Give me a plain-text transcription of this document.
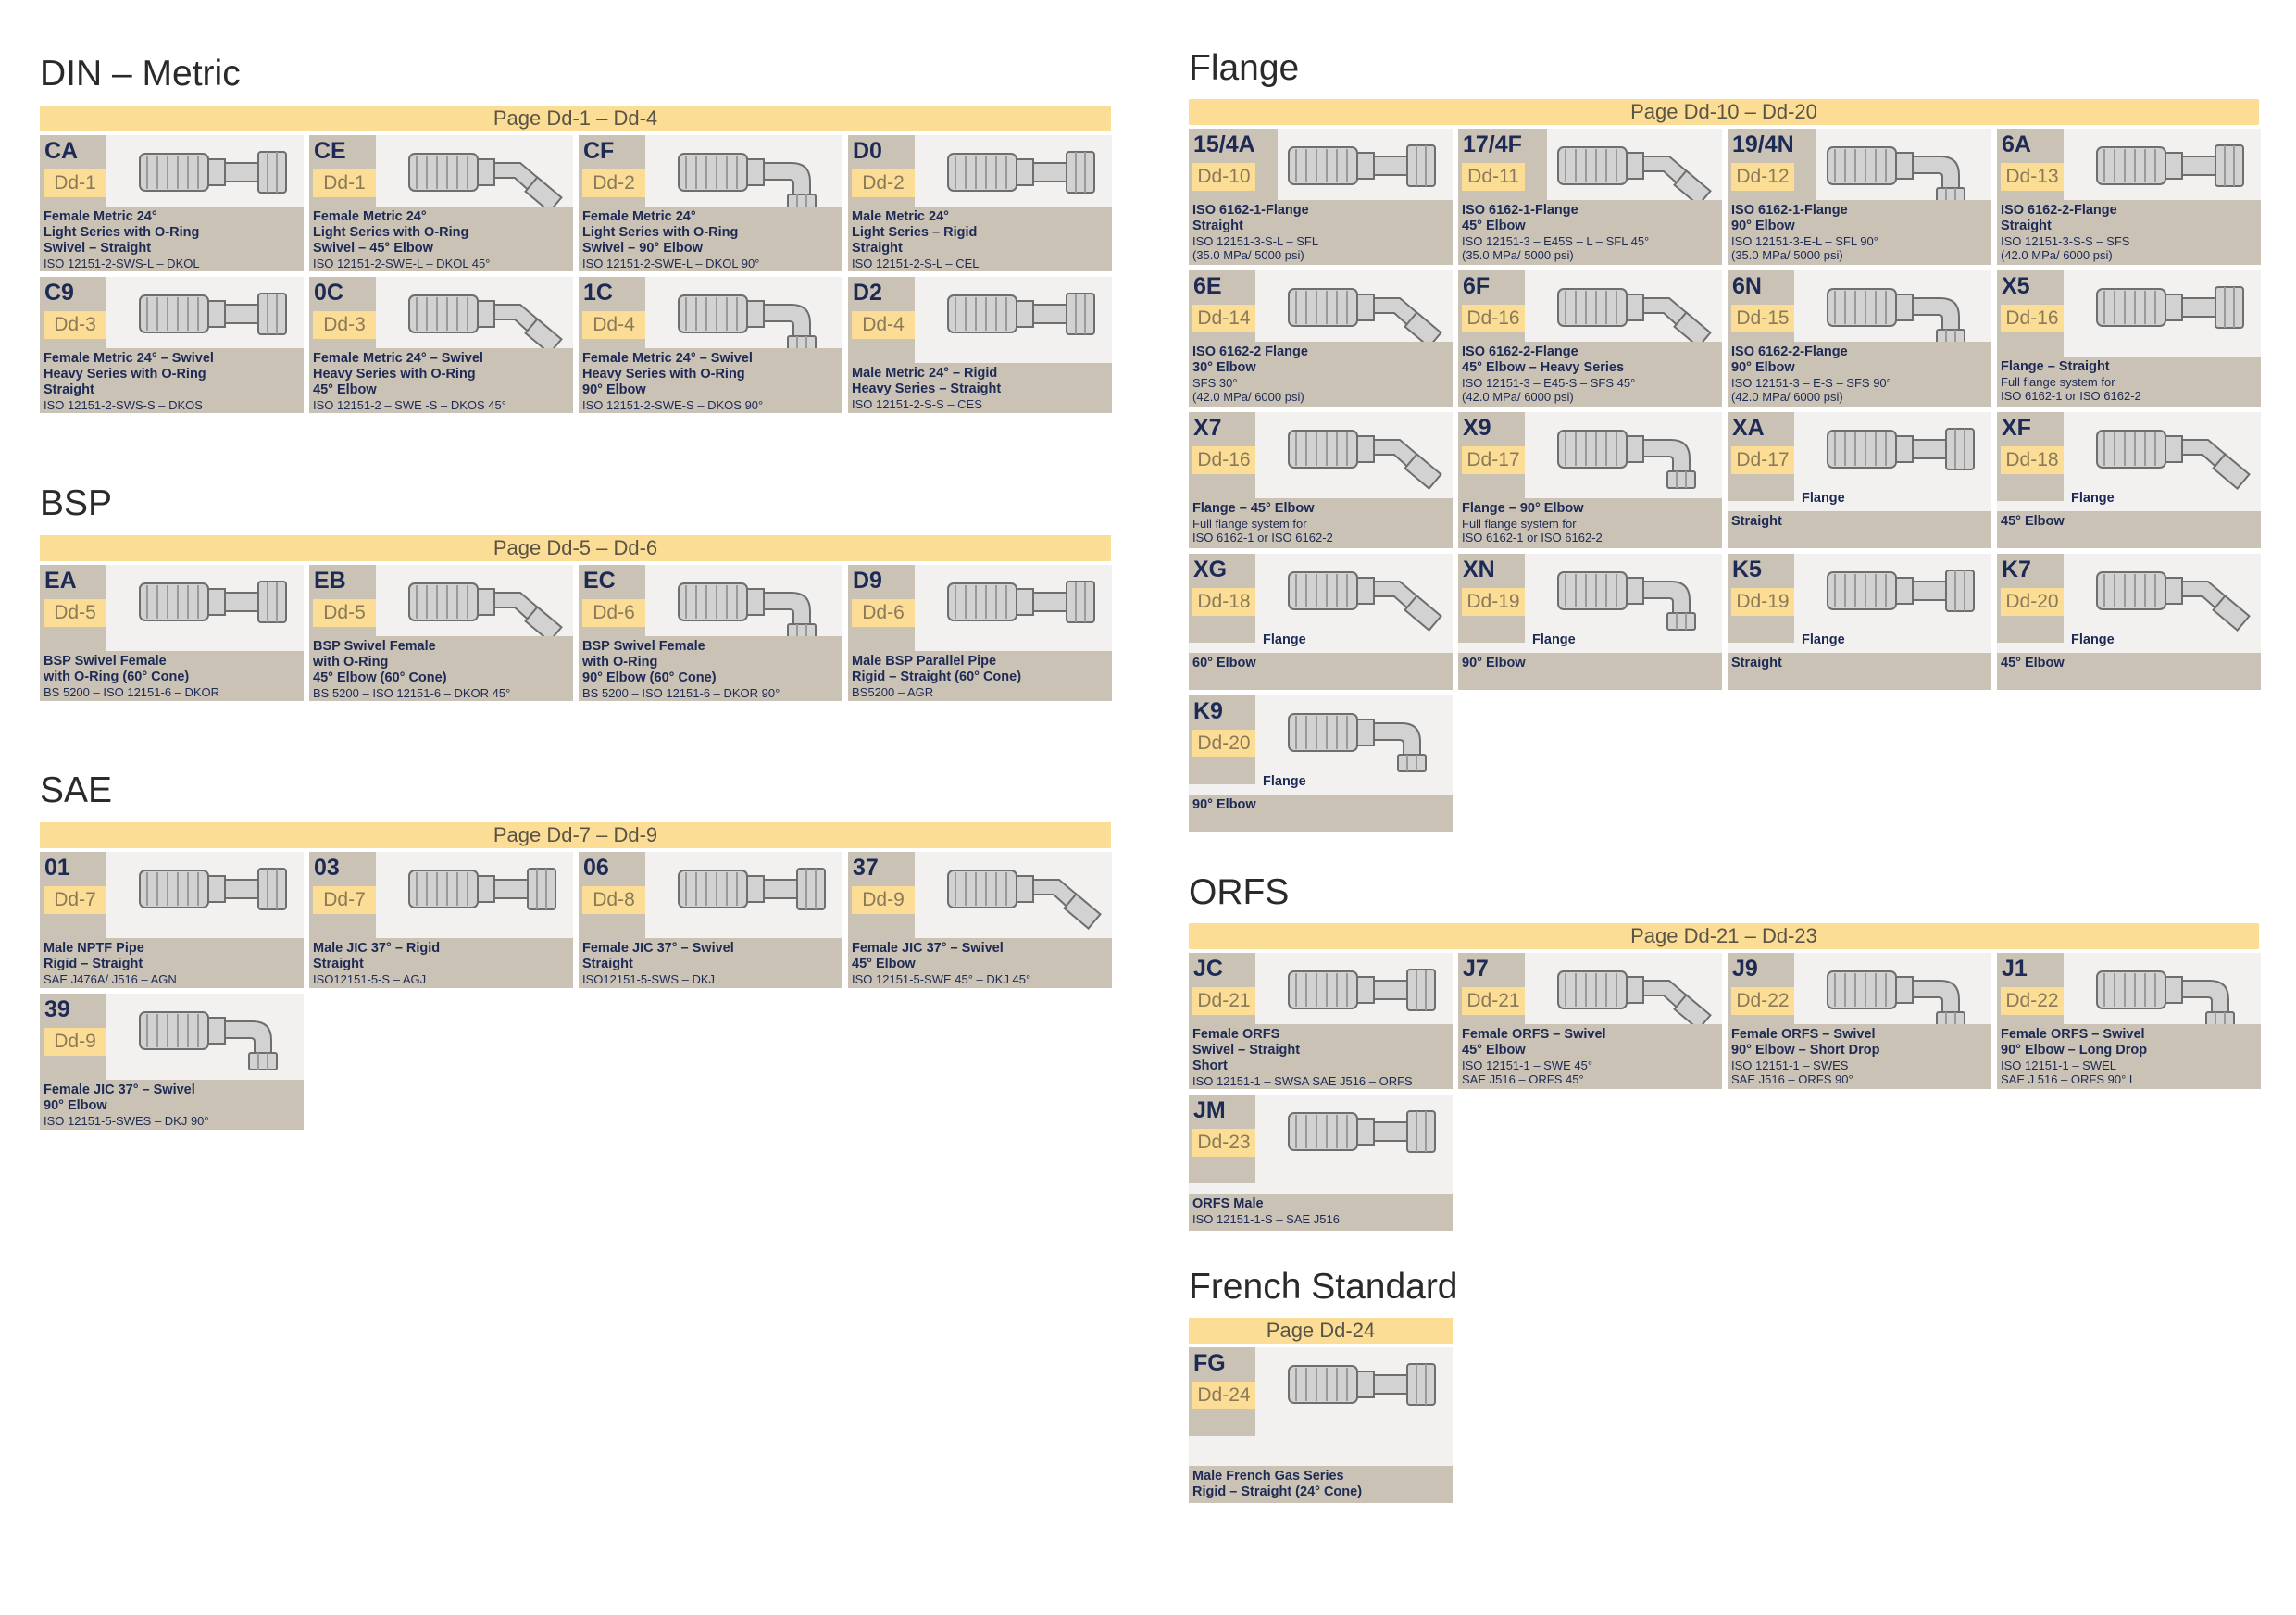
DIN – Metric
Page Dd-1 – Dd-4
CA
Dd-1
Female Metric 24°
Light Series with O-Ring
Swivel – Straight
ISO 12151-2-SWS-L – DKOL
CE
Dd-1
Female Metric 24°
Light Series with O-Ring
Swivel – 45° Elbow
ISO 12151-2-SWE-L – DKOL 45°
CF
Dd-2
Female Metric 24°
Light Series with O-Ring
Swivel – 90° Elbow
ISO 12151-2-SWE-L – DKOL 90°
D0
Dd-2
Male Metric 24°
Light Series – Rigid
Straight
ISO 12151-2-S-L – CEL
C9
Dd-3
Female Metric 24° – Swivel
Heavy Series with O-Ring
Straight
ISO 12151-2-SWS-S – DKOS
0C
Dd-3
Female Metric 24° – Swivel
Heavy Series with O-Ring
45° Elbow
ISO 12151-2 – SWE -S – DKOS 45°
1C
Dd-4
Female Metric 24° – Swivel
Heavy Series with O-Ring
90° Elbow
ISO 12151-2-SWE-S – DKOS 90°
D2
Dd-4
Male Metric 24° – Rigid
Heavy Series – Straight
ISO 12151-2-S-S – CES
BSP
Page Dd-5 – Dd-6
EA
Dd-5
BSP Swivel Female
with O-Ring (60° Cone)
BS 5200 – ISO 12151-6 – DKOR
EB
Dd-5
BSP Swivel Female
with O-Ring
45° Elbow (60° Cone)
BS 5200 – ISO 12151-6 – DKOR 45°
EC
Dd-6
BSP Swivel Female
with O-Ring
90° Elbow (60° Cone)
BS 5200 – ISO 12151-6 – DKOR 90°
D9
Dd-6
Male BSP Parallel Pipe
Rigid – Straight (60° Cone)
BS5200 – AGR
SAE
Page Dd-7 – Dd-9
01
Dd-7
Male NPTF Pipe
Rigid – Straight
SAE J476A/ J516 – AGN
03
Dd-7
Male JIC 37° – Rigid
Straight
ISO12151-5-S – AGJ
06
Dd-8
Female JIC 37° – Swivel
Straight
ISO12151-5-SWS – DKJ
37
Dd-9
Female JIC 37° – Swivel
45° Elbow
ISO 12151-5-SWE 45° – DKJ 45°
39
Dd-9
Female JIC 37° – Swivel
90° Elbow
ISO 12151-5-SWES – DKJ 90°
Flange
Page Dd-10 – Dd-20
15/4A
Dd-10
ISO 6162-1-Flange
Straight
ISO 12151-3-S-L – SFL
(35.0 MPa/ 5000 psi)
17/4F
Dd-11
ISO 6162-1-Flange
45° Elbow
ISO 12151-3 – E45S – L – SFL 45°
(35.0 MPa/ 5000 psi)
19/4N
Dd-12
ISO 6162-1-Flange
90° Elbow
ISO 12151-3-E-L – SFL 90°
(35.0 MPa/ 5000 psi)
6A
Dd-13
ISO 6162-2-Flange
Straight
ISO 12151-3-S-S – SFS
(42.0 MPa/ 6000 psi)
6E
Dd-14
ISO 6162-2 Flange
30° Elbow
SFS 30°
(42.0 MPa/ 6000 psi)
6F
Dd-16
ISO 6162-2-Flange
45° Elbow – Heavy Series
ISO 12151-3 – E45-S – SFS 45°
(42.0 MPa/ 6000 psi)
6N
Dd-15
ISO 6162-2-Flange
90° Elbow
ISO 12151-3 – E-S – SFS 90°
(42.0 MPa/ 6000 psi)
X5
Dd-16
Flange – Straight
Full flange system for
ISO 6162-1 or ISO 6162-2
X7
Dd-16
Flange – 45° Elbow
Full flange system for
ISO 6162-1 or ISO 6162-2
X9
Dd-17
Flange – 90° Elbow
Full flange system for
ISO 6162-1 or ISO 6162-2
XA
Dd-17
Flange
Straight
XF
Dd-18
Flange
45° Elbow
XG
Dd-18
Flange
60° Elbow
XN
Dd-19
Flange
90° Elbow
K5
Dd-19
Flange
Straight
K7
Dd-20
Flange
45° Elbow
K9
Dd-20
Flange
90° Elbow
ORFS
Page Dd-21 – Dd-23
JC
Dd-21
Female ORFS
Swivel – Straight
Short
ISO 12151-1 – SWSA SAE J516 – ORFS
J7
Dd-21
Female ORFS – Swivel
45° Elbow
ISO 12151-1 – SWE 45°
SAE J516 – ORFS 45°
J9
Dd-22
Female ORFS – Swivel
90° Elbow – Short Drop
ISO 12151-1 – SWES
SAE J516 – ORFS 90°
J1
Dd-22
Female ORFS – Swivel
90° Elbow – Long Drop
ISO 12151-1 – SWEL
SAE J 516 – ORFS 90° L
JM
Dd-23
ORFS Male
ISO 12151-1-S – SAE J516
French Standard
Page Dd-24
FG
Dd-24
Male French Gas Series
Rigid – Straight (24° Cone)
